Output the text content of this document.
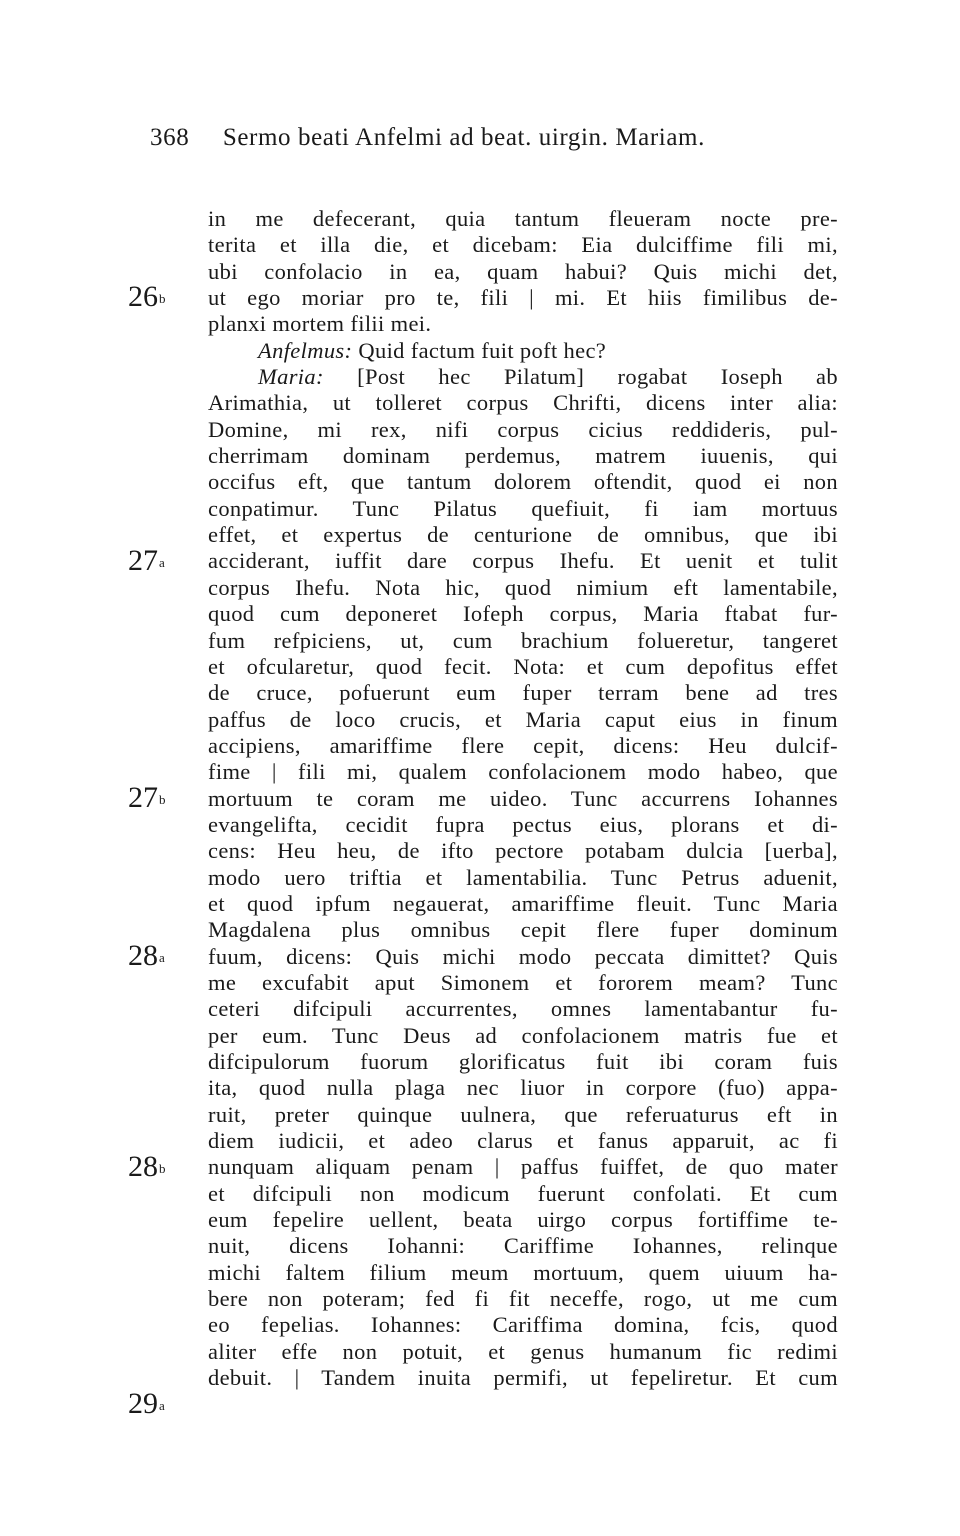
368 Sermo beati Anfelmi ad beat. uirgin. Mariam.
26$^b$
27$^a$
27$^b$
28$^a$
28$^b$
29$^a$
in me defecerant, quia tantum fleueram nocte pre-
terita et illa die, et dicebam: Eia dulciffime fili mi,
ubi confolacio in ea, quam habui? Quis michi det,
ut ego moriar pro te, fili | mi. Et hiis fimilibus de-
planxi mortem filii mei.
Anfelmus: Quid factum fuit poft hec?
Maria: [Post hec Pilatum] rogabat Ioseph ab
Arimathia, ut tolleret corpus Chrifti, dicens inter alia:
Domine, mi rex, nifi corpus cicius reddideris, pul-
cherrimam dominam perdemus, matrem iuuenis, qui
occifus eft, que tantum dolorem oftendit, quod ei non
conpatimur. Tunc Pilatus quefiuit, fi iam mortuus
effet, et expertus de centurione de omnibus, que ibi
acciderant, iuffit dare corpus Ihefu. Et uenit et tulit
corpus Ihefu. Nota hic, quod nimium eft lamentabile,
quod cum deponeret Iofeph corpus, Maria ftabat fur-
fum refpiciens, ut, cum brachium folueretur, tangeret
et ofcularetur, quod fecit. Nota: et cum depofitus effet
de cruce, pofuerunt eum fuper terram bene ad tres
paffus de loco crucis, et Maria caput eius in finum
accipiens, amariffime flere cepit, dicens: Heu dulcif-
fime | fili mi, qualem confolacionem modo habeo, que
mortuum te coram me uideo. Tunc accurrens Iohannes
evangelifta, cecidit fupra pectus eius, plorans et di-
cens: Heu heu, de ifto pectore potabam dulcia [uerba],
modo uero triftia et lamentabilia. Tunc Petrus aduenit,
et quod ipfum negauerat, amariffime fleuit. Tunc Maria
Magdalena plus omnibus cepit flere fuper dominum
fuum, dicens: Quis michi modo peccata dimittet? Quis
me excufabit aput Simonem et fororem meam? Tunc
ceteri difcipuli accurrentes, omnes lamentabantur fu-
per eum. Tunc Deus ad confolacionem matris fue et
difcipulorum fuorum glorificatus fuit ibi coram fuis
ita, quod nulla plaga nec liuor in corpore (fuo) appa-
ruit, preter quinque uulnera, que referuaturus eft in
diem iudicii, et adeo clarus et fanus apparuit, ac fi
nunquam aliquam penam | paffus fuiffet, de quo mater
et difcipuli non modicum fuerunt confolati. Et cum
eum fepelire uellent, beata uirgo corpus fortiffime te-
nuit, dicens Iohanni: Cariffime Iohannes, relinque
michi faltem filium meum mortuum, quem uiuum ha-
bere non poteram; fed fi fit neceffe, rogo, ut me cum
eo fepelias. Iohannes: Cariffima domina, fcis, quod
aliter effe non potuit, et genus humanum fic redimi
debuit. | Tandem inuita permifi, ut fepeliretur. Et cum
